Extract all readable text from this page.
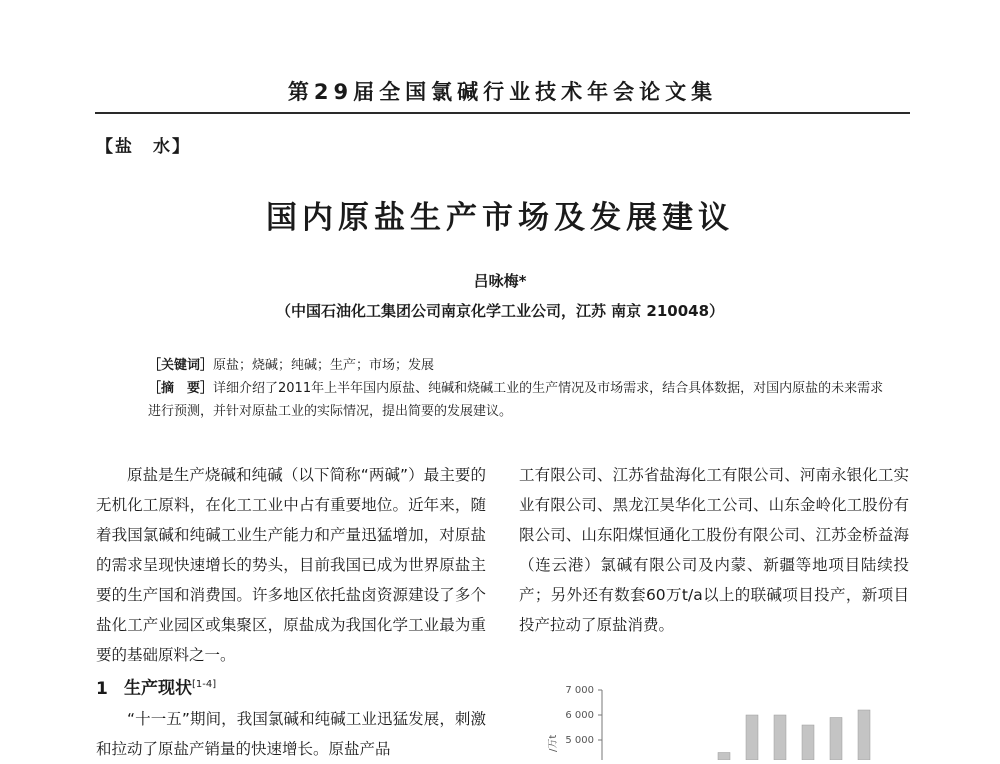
第29届全国氯碱行业技术年会论文集
【盐　水】
国内原盐生产市场及发展建议
吕咏梅*
（中国石油化工集团公司南京化学工业公司，江苏 南京 210048）
［关键词］原盐；烧碱；纯碱；生产；市场；发展
［摘　要］详细介绍了2011年上半年国内原盐、纯碱和烧碱工业的生产情况及市场需求，结合具体数据，对国内原盐的未来需求进行预测，并针对原盐工业的实际情况，提出简要的发展建议。

原盐是生产烧碱和纯碱（以下简称“两碱”）最主要的无机化工原料，在化工工业中占有重要地位。近年来，随着我国氯碱和纯碱工业生产能力和产量迅猛增加，对原盐的需求呈现快速增长的势头，目前我国已成为世界原盐主要的生产国和消费国。许多地区依托盐卤资源建设了多个盐化工产业园区或集聚区，原盐成为我国化学工业最为重要的基础原料之一。

1 生产现状[1-4]

“十一五”期间，我国氯碱和纯碱工业迅猛发展，刺激和拉动了原盐产销量的快速增长。原盐产品

工有限公司、江苏省盐海化工有限公司、河南永银化工实业有限公司、黑龙江昊华化工公司、山东金岭化工股份有限公司、山东阳煤恒通化工股份有限公司、江苏金桥益海（连云港）氯碱有限公司及内蒙、新疆等地项目陆续投产；另外还有数套60万t/a以上的联碱项目投产，新项目投产拉动了原盐消费。

/万t
7 000
6 000
5 000
